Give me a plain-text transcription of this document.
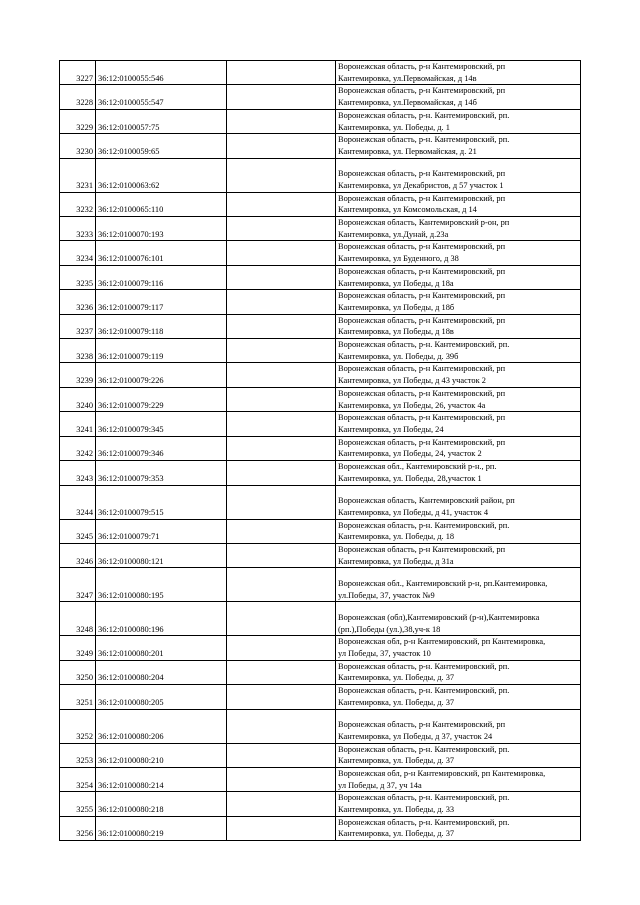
3227	36:12:0100055:546		Воронежская область, р-н Кантемировский, рп
Кантемировка, ул.Первомайская, д 14в

3228	36:12:0100055:547		Воронежская область, р-н Кантемировский, рп
Кантемировка, ул.Первомайская, д 14б

3229	36:12:0100057:75		Воронежская область, р-н. Кантемировский, рп.
Кантемировка, ул. Победы, д. 1

3230	36:12:0100059:65		Воронежская область, р-н. Кантемировский, рп.
Кантемировка, ул. Первомайская, д. 21

3231	36:12:0100063:62		Воронежская область, р-н Кантемировский, рп
Кантемировка, ул Декабристов, д 57 участок 1

3232	36:12:0100065:110		Воронежская область, р-н Кантемировский, рп
Кантемировка, ул Комсомольская, д 14

3233	36:12:0100070:193		Воронежская область, Кантемировский р-он, рп
Кантемировка, ул.Дунай, д.23а

3234	36:12:0100076:101		Воронежская область, р-н Кантемировский, рп
Кантемировка, ул Буденного, д 38

3235	36:12:0100079:116		Воронежская область, р-н Кантемировский, рп
Кантемировка, ул Победы, д 18а

3236	36:12:0100079:117		Воронежская область, р-н Кантемировский, рп
Кантемировка, ул Победы, д 18б

3237	36:12:0100079:118		Воронежская область, р-н Кантемировский, рп
Кантемировка, ул Победы, д 18в

3238	36:12:0100079:119		Воронежская область, р-н. Кантемировский, рп.
Кантемировка, ул. Победы, д. 39б

3239	36:12:0100079:226		Воронежская область, р-н Кантемировский, рп
Кантемировка, ул Победы, д 43 участок 2

3240	36:12:0100079:229		Воронежская область, р-н Кантемировский, рп
Кантемировка, ул Победы, 26, участок 4а

3241	36:12:0100079:345		Воронежская область, р-н Кантемировский, рп
Кантемировка, ул Победы, 24

3242	36:12:0100079:346		Воронежская область, р-н Кантемировский, рп
Кантемировка, ул Победы, 24, участок 2

3243	36:12:0100079:353		Воронежская обл., Кантемировский р-н., рп.
Кантемировка, ул. Победы, 28,участок 1

3244	36:12:0100079:515		Воронежская область, Кантемировский район, рп
Кантемировка, ул Победы, д 41, участок 4

3245	36:12:0100079:71		Воронежская область, р-н. Кантемировский, рп.
Кантемировка, ул. Победы, д. 18

3246	36:12:0100080:121		Воронежская область, р-н Кантемировский, рп
Кантемировка, ул Победы, д 31а

3247	36:12:0100080:195		Воронежская обл., Кантемировский р-н, рп.Кантемировка,
ул.Победы, 37, участок №9

3248	36:12:0100080:196		Воронежская (обл),Кантемировский (р-н),Кантемировка
(рп.),Победы (ул.),38,уч-к 18

3249	36:12:0100080:201		Воронежская обл, р-н Кантемировский, рп Кантемировка,
ул Победы, 37, участок 10

3250	36:12:0100080:204		Воронежская область, р-н. Кантемировский, рп.
Кантемировка, ул. Победы, д. 37

3251	36:12:0100080:205		Воронежская область, р-н. Кантемировский, рп.
Кантемировка, ул. Победы, д. 37

3252	36:12:0100080:206		Воронежская область, р-н Кантемировский, рп
Кантемировка, ул Победы, д 37, участок 24

3253	36:12:0100080:210		Воронежская область, р-н. Кантемировский, рп.
Кантемировка, ул. Победы, д. 37

3254	36:12:0100080:214		Воронежская обл, р-н Кантемировский, рп Кантемировка,
ул Победы, д 37, уч 14а

3255	36:12:0100080:218		Воронежская область, р-н. Кантемировский, рп.
Кантемировка, ул. Победы, д. 33

3256	36:12:0100080:219		Воронежская область, р-н. Кантемировский, рп.
Кантемировка, ул. Победы, д. 37
